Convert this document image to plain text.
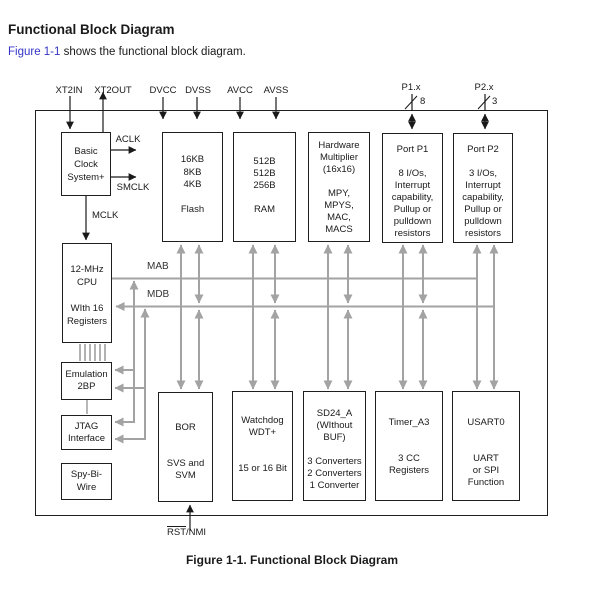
Functional Block Diagram
Figure 1-1 shows the functional block diagram.
XT2IN XT2OUT DVCC DVSS AVCC AVSS	P1.x
8
P2.x
3
$\overline{RST}$/NMI
ACLK
SMCLK
MCLK
MAB
MDB
Basic
Clock
System+
16KB
8KB
4KB

Flash
512B
512B
256B

RAM
Hardware
Multiplier
(16x16)

MPY,
MPYS,
MAC,
MACS
Port P1

8 I/Os,
Interrupt
capability,
Pullup or
pulldown
resistors
Port P2

3 I/Os,
Interrupt
capability,
Pullup or
pulldown
resistors
12-MHz
CPU

WIth 16
Registers
Emulation
2BP
JTAG
Interface
Spy-Bi-
Wire
BOR

SVS and
SVM
Watchdog
WDT+

15 or 16 Bit
SD24_A
(WIthout
BUF)

3 Converters
2 Converters
1 Converter
Timer_A3

3 CC
Registers
USART0

UART
or SPI
Function
Figure 1-1. Functional Block Diagram
